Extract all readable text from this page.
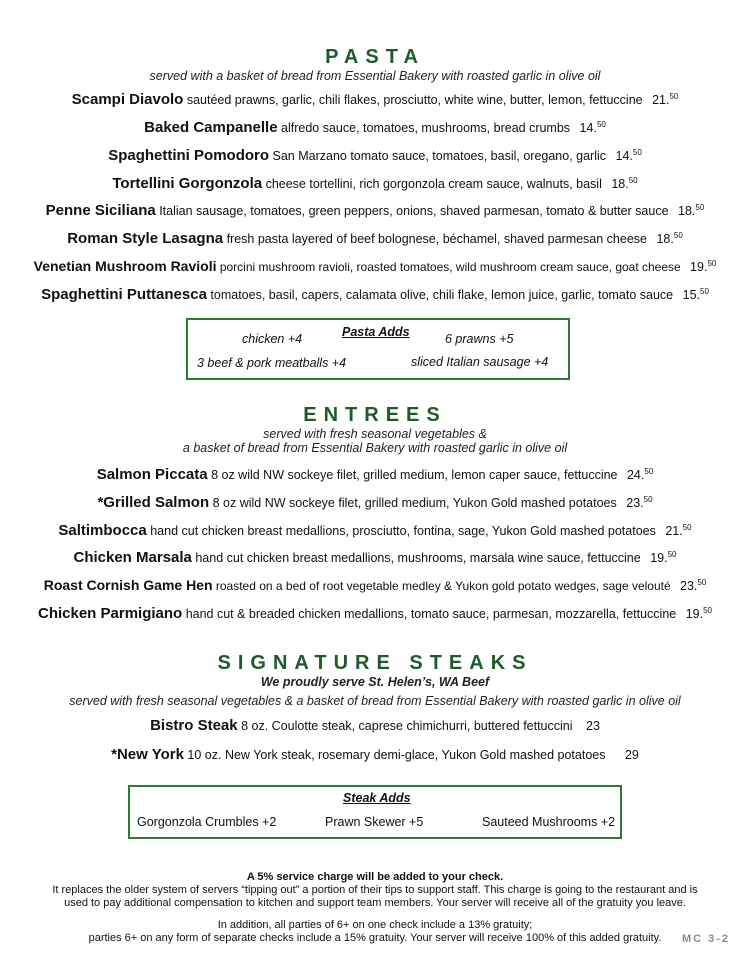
PASTA
served with a basket of bread from Essential Bakery with roasted garlic in olive oil
Scampi Diavolo sautéed prawns, garlic, chili flakes, prosciutto, white wine, butter, lemon, fettuccine 21.50
Baked Campanelle alfredo sauce, tomatoes, mushrooms, bread crumbs 14.50
Spaghettini Pomodoro San Marzano tomato sauce, tomatoes, basil, oregano, garlic 14.50
Tortellini Gorgonzola cheese tortellini, rich gorgonzola cream sauce, walnuts, basil 18.50
Penne Siciliana Italian sausage, tomatoes, green peppers, onions, shaved parmesan, tomato & butter sauce 18.50
Roman Style Lasagna fresh pasta layered of beef bolognese, béchamel, shaved parmesan cheese 18.50
Venetian Mushroom Ravioli porcini mushroom ravioli, roasted tomatoes, wild mushroom cream sauce, goat cheese 19.50
Spaghettini Puttanesca tomatoes, basil, capers, calamata olive, chili flake, lemon juice, garlic, tomato sauce 15.50
Pasta Adds
chicken +4	6 prawns +5
3 beef & pork meatballs +4	sliced Italian sausage +4
ENTREES
served with fresh seasonal vegetables &
a basket of bread from Essential Bakery with roasted garlic in olive oil
Salmon Piccata 8 oz wild NW sockeye filet, grilled medium, lemon caper sauce, fettuccine 24.50
*Grilled Salmon 8 oz wild NW sockeye filet, grilled medium, Yukon Gold mashed potatoes 23.50
Saltimbocca hand cut chicken breast medallions, prosciutto, fontina, sage, Yukon Gold mashed potatoes 21.50
Chicken Marsala hand cut chicken breast medallions, mushrooms, marsala wine sauce, fettuccine 19.50
Roast Cornish Game Hen roasted on a bed of root vegetable medley & Yukon gold potato wedges, sage velouté 23.50
Chicken Parmigiano hand cut & breaded chicken medallions, tomato sauce, parmesan, mozzarella, fettuccine 19.50
SIGNATURE STEAKS
We proudly serve St. Helen’s, WA Beef
served with fresh seasonal vegetables & a basket of bread from Essential Bakery with roasted garlic in olive oil
Bistro Steak 8 oz. Coulotte steak, caprese chimichurri, buttered fettuccini 23
*New York 10 oz. New York steak, rosemary demi-glace, Yukon Gold mashed potatoes 29
Steak Adds
Gorgonzola Crumbles +2	Prawn Skewer +5	Sauteed Mushrooms +2
A 5% service charge will be added to your check.
It replaces the older system of servers “tipping out” a portion of their tips to support staff. This charge is going to the restaurant and is
used to pay additional compensation to kitchen and support team members. Your server will receive all of the gratuity you leave.
In addition, all parties of 6+ on one check include a 13% gratuity;
parties 6+ on any form of separate checks include a 15% gratuity. Your server will receive 100% of this added gratuity.	MC 3-2
